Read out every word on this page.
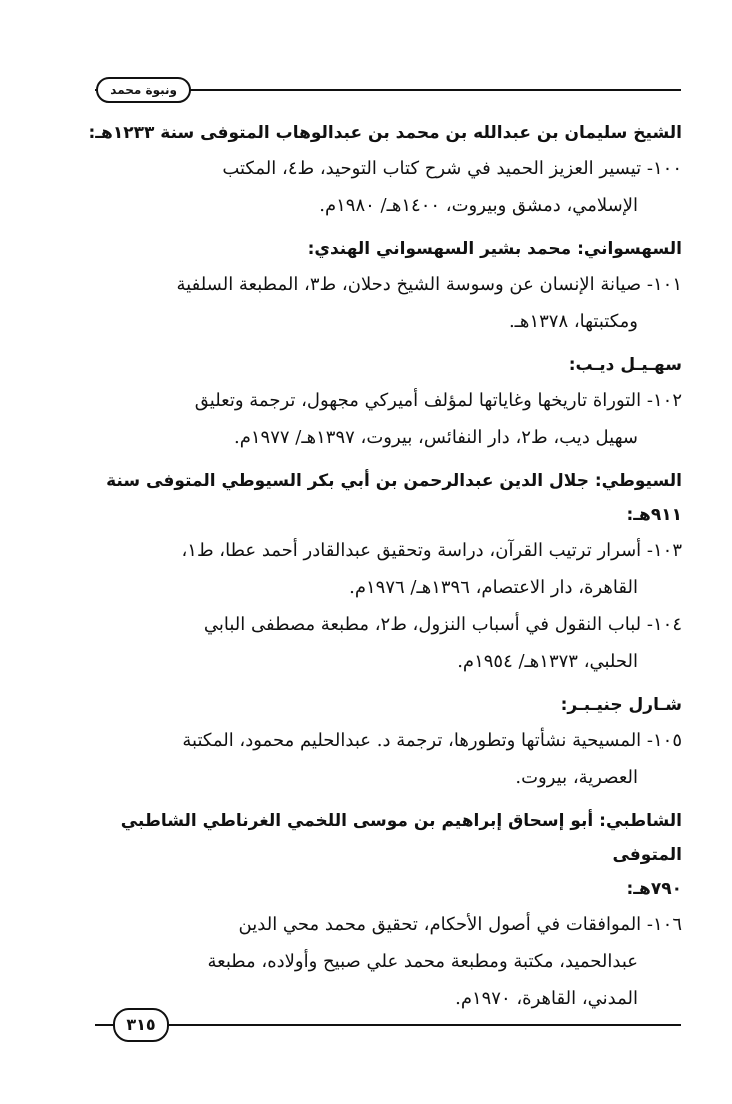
ونبوة محمد

الشيخ سليمان بن عبدالله بن محمد بن عبدالوهاب المتوفى سنة ١٢٣٣هـ:

١٠٠- تيسير العزيز الحميد في شرح كتاب التوحيد، ط٤، المكتب
الإسلامي، دمشق وبيروت، ١٤٠٠هـ/ ١٩٨٠م.

السهسواني: محمد بشير السهسواني الهندي:

١٠١- صيانة الإنسان عن وسوسة الشيخ دحلان، ط٣، المطبعة السلفية
ومكتبتها، ١٣٧٨هـ.

سهـيـل ديـب:

١٠٢- التوراة تاريخها وغاياتها لمؤلف أميركي مجهول، ترجمة وتعليق
سهيل ديب، ط٢، دار النفائس، بيروت، ١٣٩٧هـ/ ١٩٧٧م.

السيوطي: جلال الدين عبدالرحمن بن أبي بكر السيوطي المتوفى سنة ٩١١هـ:

١٠٣- أسرار ترتيب القرآن، دراسة وتحقيق عبدالقادر أحمد عطا، ط١،
القاهرة، دار الاعتصام، ١٣٩٦هـ/ ١٩٧٦م.

١٠٤- لباب النقول في أسباب النزول، ط٢، مطبعة مصطفى البابي
الحلبي، ١٣٧٣هـ/ ١٩٥٤م.

شـارل جنيـبـر:

١٠٥- المسيحية نشأتها وتطورها، ترجمة د. عبدالحليم محمود، المكتبة
العصرية، بيروت.

الشاطبي: أبو إسحاق إبراهيم بن موسى اللخمي الغرناطي الشاطبي المتوفى

٧٩٠هـ:

١٠٦- الموافقات في أصول الأحكام، تحقيق محمد محي الدين
عبدالحميد، مكتبة ومطبعة محمد علي صبيح وأولاده، مطبعة
المدني، القاهرة، ١٩٧٠م.

٣١٥
